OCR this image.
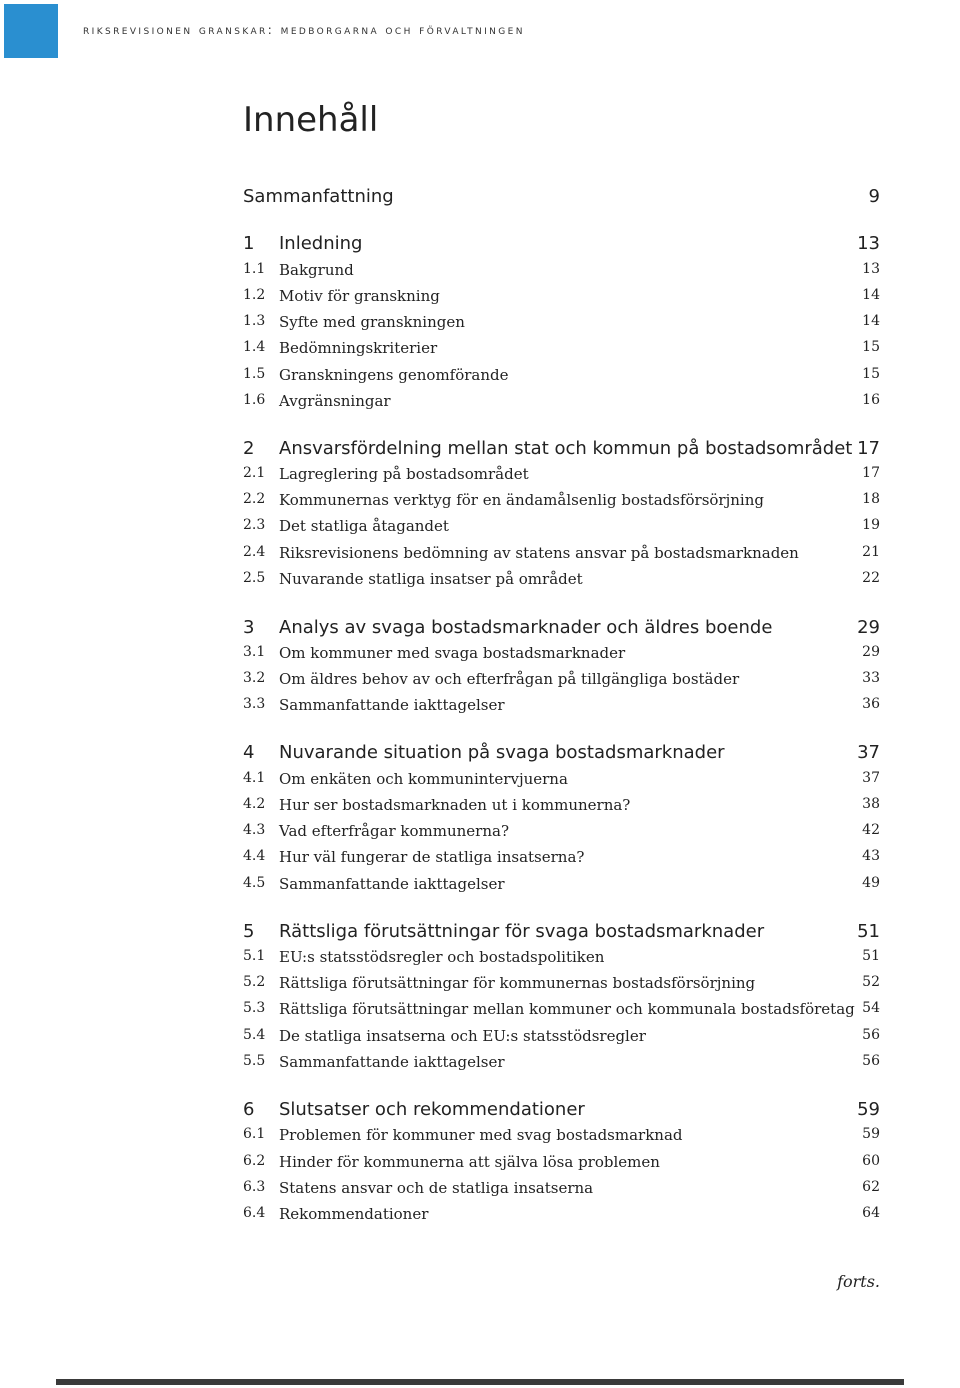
riksrevisionen granskar: medborgarna och förvaltningen
Innehåll
Sammanfattning	9
1 Inledning	13
1.1 Bakgrund	13
1.2 Motiv för granskning	14
1.3 Syfte med granskningen	14
1.4 Bedömningskriterier	15
1.5 Granskningens genomförande	15
1.6 Avgränsningar	16
2 Ansvarsfördelning mellan stat och kommun på bostadsområdet 17
2.1 Lagreglering på bostadsområdet	17
2.2 Kommunernas verktyg för en ändamålsenlig bostadsförsörjning	18
2.3 Det statliga åtagandet	19
2.4 Riksrevisionens bedömning av statens ansvar på bostadsmarknaden	21
2.5 Nuvarande statliga insatser på området	22
3 Analys av svaga bostadsmarknader och äldres boende	29
3.1 Om kommuner med svaga bostadsmarknader	29
3.2 Om äldres behov av och efterfrågan på tillgängliga bostäder	33
3.3 Sammanfattande iakttagelser	36
4 Nuvarande situation på svaga bostadsmarknader	37
4.1 Om enkäten och kommunintervjuerna	37
4.2 Hur ser bostadsmarknaden ut i kommunerna?	38
4.3 Vad efterfrågar kommunerna?	42
4.4 Hur väl fungerar de statliga insatserna?	43
4.5 Sammanfattande iakttagelser	49
5 Rättsliga förutsättningar för svaga bostadsmarknader	51
5.1 EU:s statsstödsregler och bostadspolitiken	51
5.2 Rättsliga förutsättningar för kommunernas bostadsförsörjning	52
5.3 Rättsliga förutsättningar mellan kommuner och kommunala bostadsföretag 54
5.4 De statliga insatserna och EU:s statsstödsregler	56
5.5 Sammanfattande iakttagelser	56
6 Slutsatser och rekommendationer	59
6.1 Problemen för kommuner med svag bostadsmarknad	59
6.2 Hinder för kommunerna att själva lösa problemen	60
6.3 Statens ansvar och de statliga insatserna	62
6.4 Rekommendationer	64
forts.
